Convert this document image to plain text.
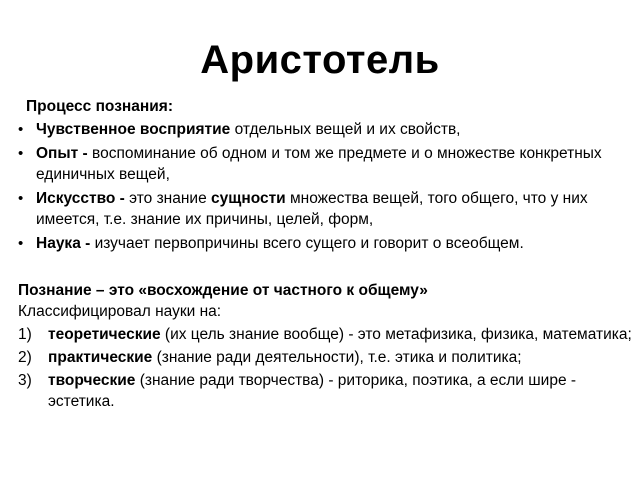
Аристотель
Процесс познания:
• Чувственное восприятие отдельных вещей и их свойств,
• Опыт - воспоминание об одном и том же предмете и о множестве конкретных единичных вещей,
• Искусство - это знание сущности множества вещей, того общего, что у них имеется, т.е. знание их причины, целей, форм,
• Наука - изучает первопричины всего сущего и говорит о всеобщем.
Познание – это «восхождение от частного к общему»
Классифицировал науки на:
1) теоретические (их цель знание вообще) - это метафизика, физика, математика;
2) практические (знание ради деятельности), т.е. этика и политика;
3) творческие (знание ради творчества) - риторика, поэтика, а если шире - эстетика.
